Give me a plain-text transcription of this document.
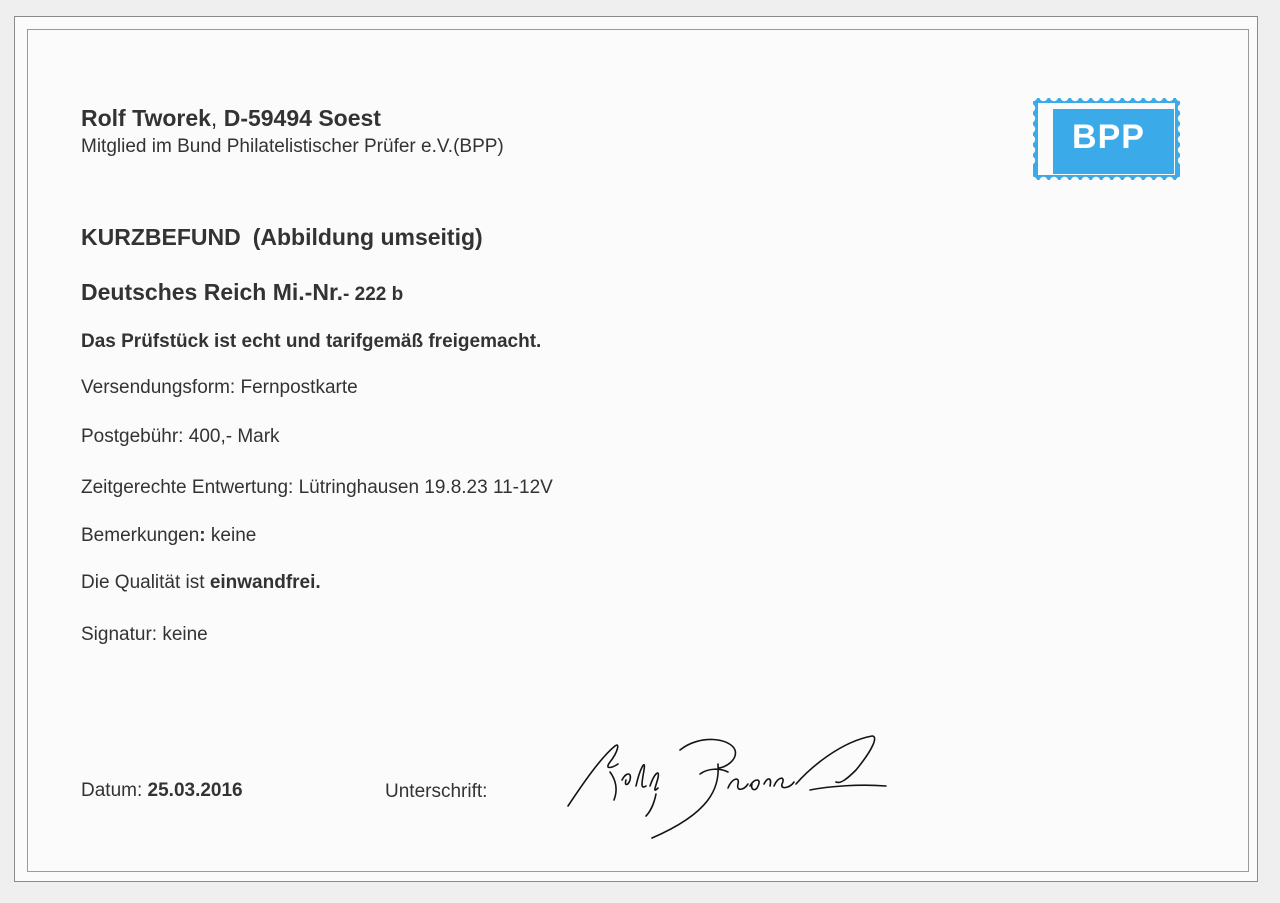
Rolf Tworek, D-59494 Soest
Mitglied im Bund Philatelistischer Prüfer e.V.(BPP)	BPP
KURZBEFUND (Abbildung umseitig)
Deutsches Reich Mi.-Nr.- 222 b
Das Prüfstück ist echt und tarifgemäß freigemacht.
Versendungsform: Fernpostkarte
Postgebühr: 400,- Mark
Zeitgerechte Entwertung: Lütringhausen 19.8.23 11-12V
Bemerkungen: keine
Die Qualität ist einwandfrei.
Signatur: keine
Datum: 25.03.2016	Unterschrift:
